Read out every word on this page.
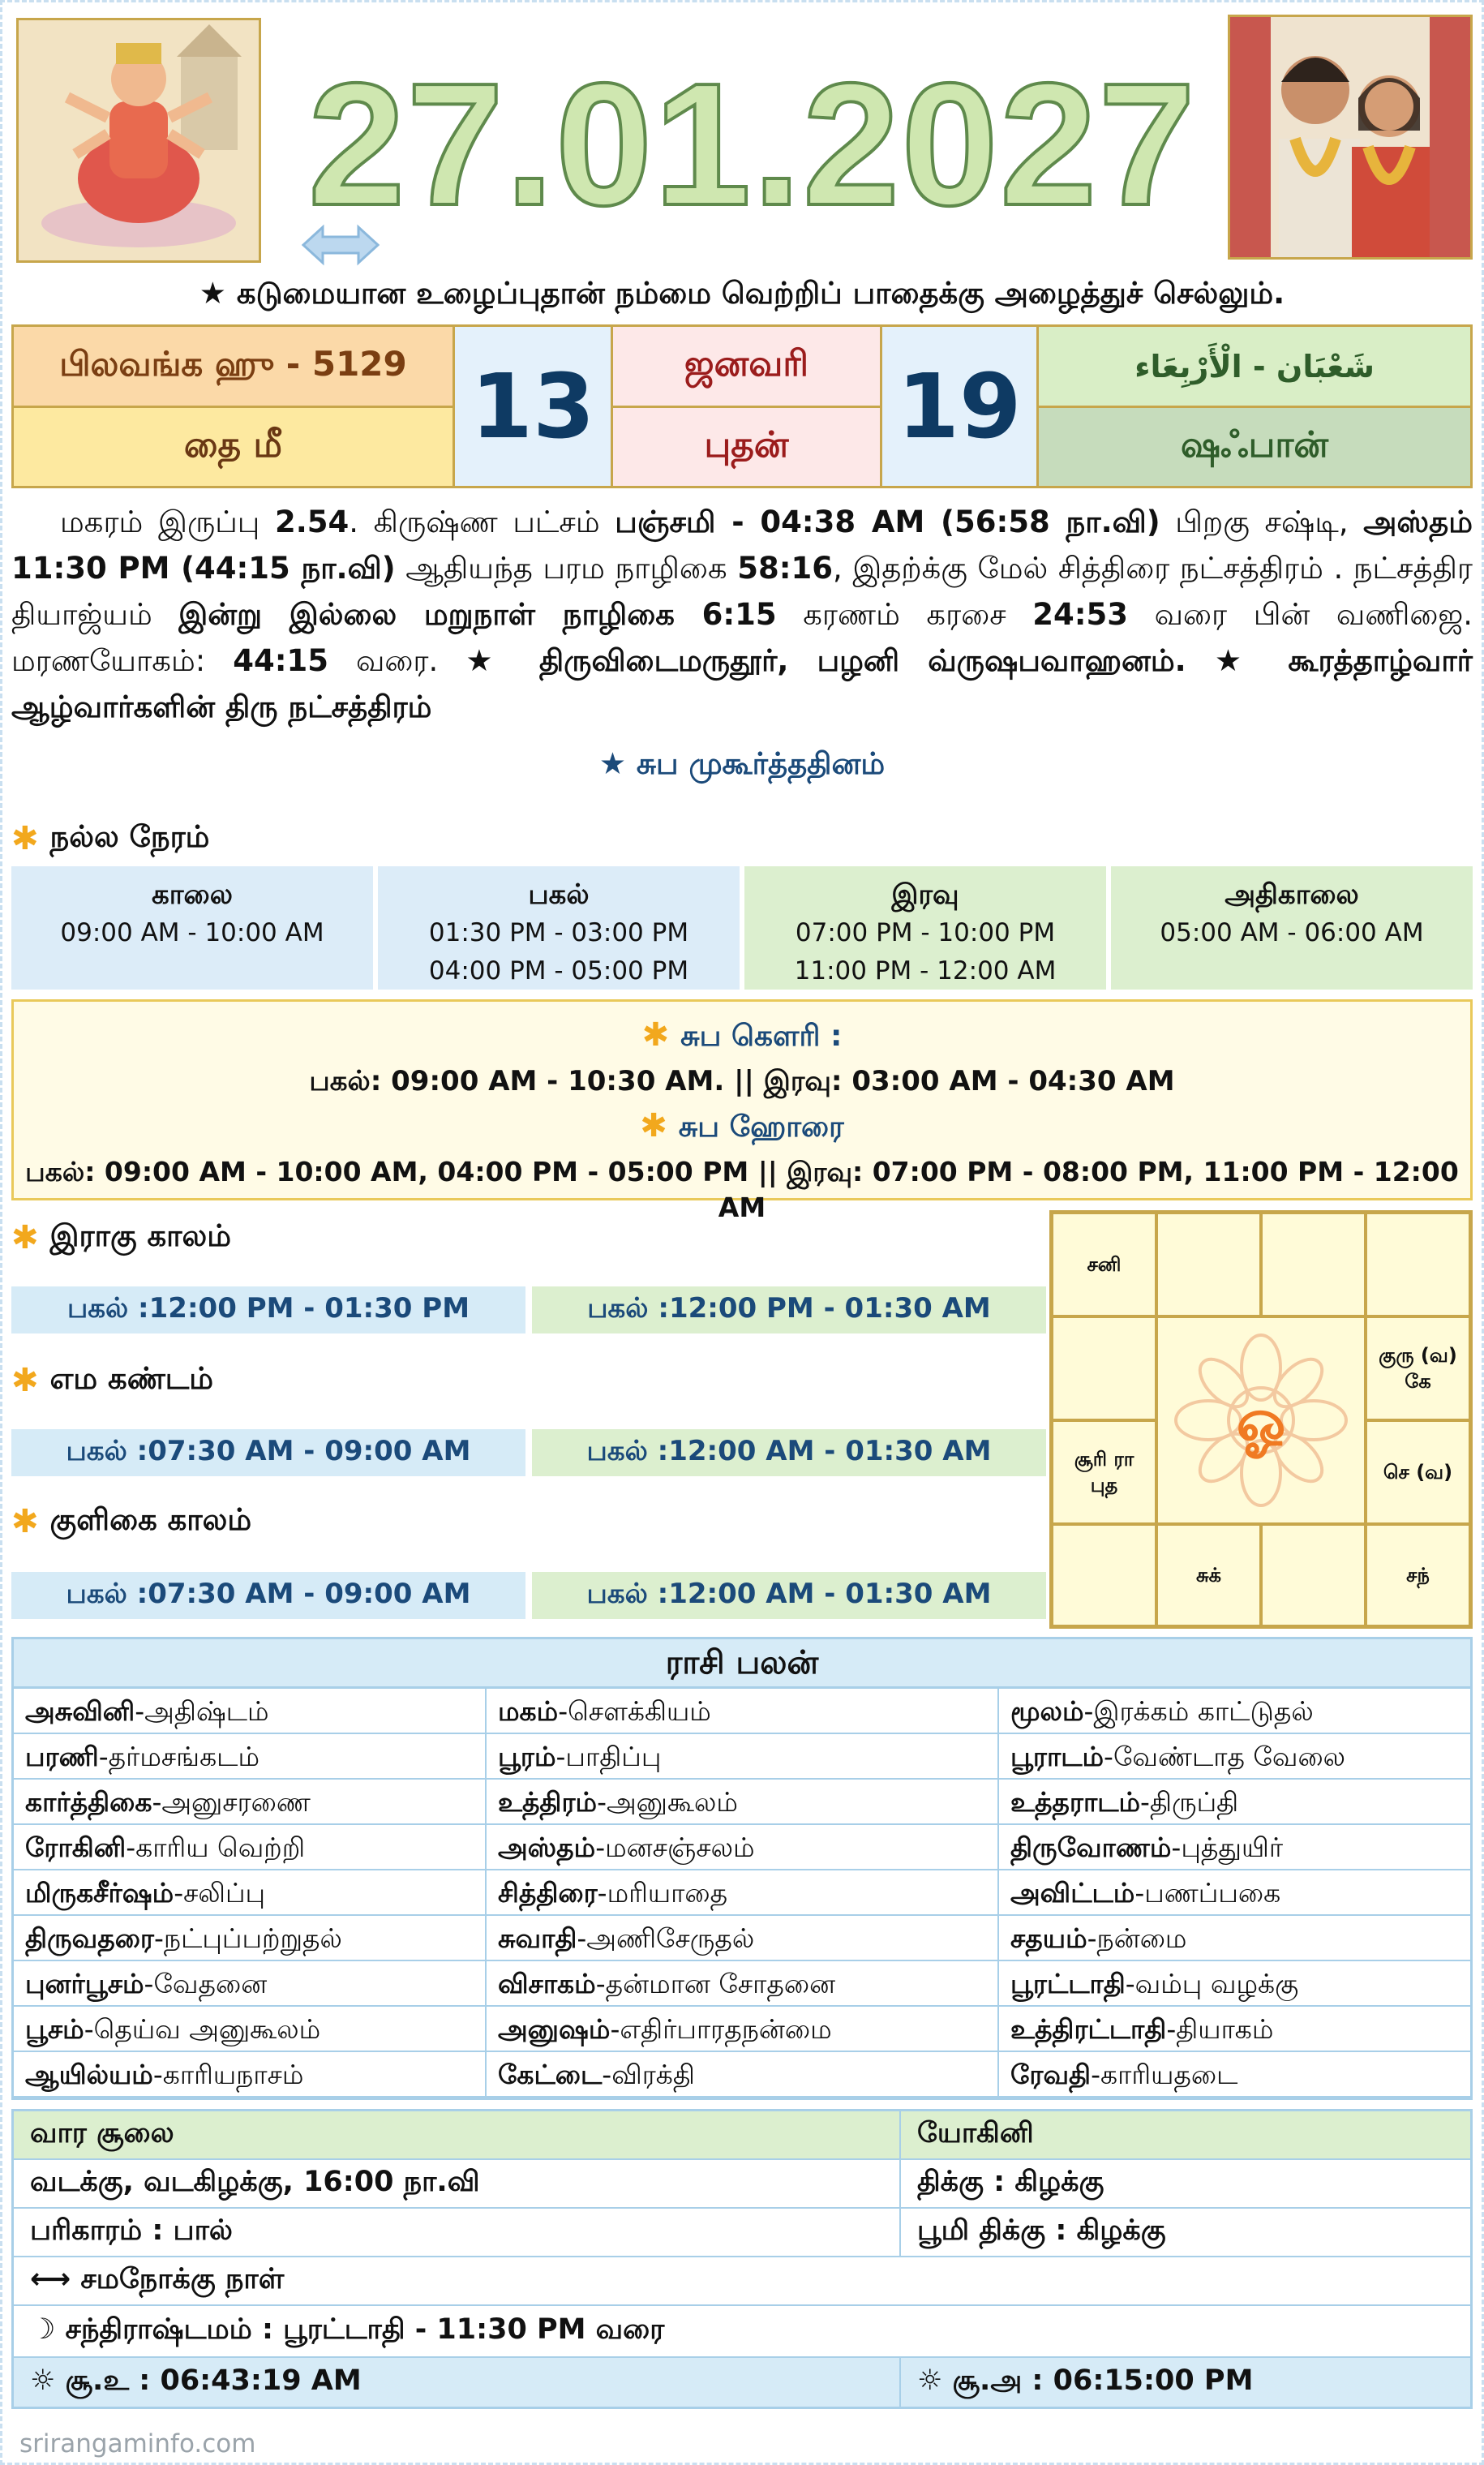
27.01.2027
★ கடுமையான உழைப்புதான் நம்மை வெற்றிப் பாதைக்கு அழைத்துச் செல்லும்.
பிலவங்க ஹு - 5129
தை மீ	13	ஜனவரி
புதன்	19	شَعْبَان - الْأَرْبِعَاء
ஷஃபான்
மகரம் இருப்பு 2.54. கிருஷ்ண பட்சம் பஞ்சமி - 04:38 AM (56:58 நா.வி) பிறகு சஷ்டி, அஸ்தம் 11:30 PM (44:15 நா.வி) ஆதியந்த பரம நாழிகை 58:16, இதற்க்கு மேல் சித்திரை நட்சத்திரம் . நட்சத்திர தியாஜ்யம் இன்று இல்லை மறுநாள் நாழிகை 6:15 கரணம் கரசை 24:53 வரை பின் வணிஜை. மரணயோகம்: 44:15 வரை. ★ திருவிடைமருதூர், பழனி வ்ருஷபவாஹனம். ★ கூரத்தாழ்வார் ஆழ்வார்களின் திரு நட்சத்திரம்
★ சுப முகூர்த்ததினம்
✱ நல்ல நேரம்
காலை
09:00 AM - 10:00 AM
பகல்
01:30 PM - 03:00 PM
04:00 PM - 05:00 PM
இரவு
07:00 PM - 10:00 PM
11:00 PM - 12:00 AM
அதிகாலை
05:00 AM - 06:00 AM
✱ சுப கௌரி :
பகல்: 09:00 AM - 10:30 AM. || இரவு: 03:00 AM - 04:30 AM
✱ சுப ஹோரை
பகல்: 09:00 AM - 10:00 AM, 04:00 PM - 05:00 PM || இரவு: 07:00 PM - 08:00 PM, 11:00 PM - 12:00 AM
✱ இராகு காலம்
பகல் :12:00 PM - 01:30 PM	பகல் :12:00 PM - 01:30 AM
✱ எம கண்டம்
பகல் :07:30 AM - 09:00 AM	பகல் :12:00 AM - 01:30 AM
✱ குளிகை காலம்
பகல் :07:30 AM - 09:00 AM	பகல் :12:00 AM - 01:30 AM
சனி
குரு (வ) கே
சூரி ரா புத
செ (வ)
சுக்	சந்
ஓ
ராசி பலன்
அசுவினி-அதிஷ்டம்	மகம்-சௌக்கியம்	மூலம்-இரக்கம் காட்டுதல்
பரணி-தர்மசங்கடம்	பூரம்-பாதிப்பு	பூராடம்-வேண்டாத வேலை
கார்த்திகை-அனுசரணை	உத்திரம்-அனுகூலம்	உத்தராடம்-திருப்தி
ரோகினி-காரிய வெற்றி	அஸ்தம்-மனசஞ்சலம்	திருவோணம்-புத்துயிர்
மிருகசீர்ஷம்-சலிப்பு	சித்திரை-மரியாதை	அவிட்டம்-பணப்பகை
திருவதரை-நட்புப்பற்றுதல்	சுவாதி-அணிசேருதல்	சதயம்-நன்மை
புனர்பூசம்-வேதனை	விசாகம்-தன்மான சோதனை	பூரட்டாதி-வம்பு வழக்கு
பூசம்-தெய்வ அனுகூலம்	அனுஷம்-எதிர்பாரதநன்மை	உத்திரட்டாதி-தியாகம்
ஆயில்யம்-காரியநாசம்	கேட்டை-விரக்தி	ரேவதி-காரியதடை
வார சூலை	யோகினி
வடக்கு, வடகிழக்கு, 16:00 நா.வி	திக்கு : கிழக்கு
பரிகாரம் : பால்	பூமி திக்கு : கிழக்கு
⟷ சமநோக்கு நாள்
☽ சந்திராஷ்டமம் : பூரட்டாதி - 11:30 PM வரை
☼ சூ.உ : 06:43:19 AM	☼ சூ.அ : 06:15:00 PM
srirangaminfo.com
